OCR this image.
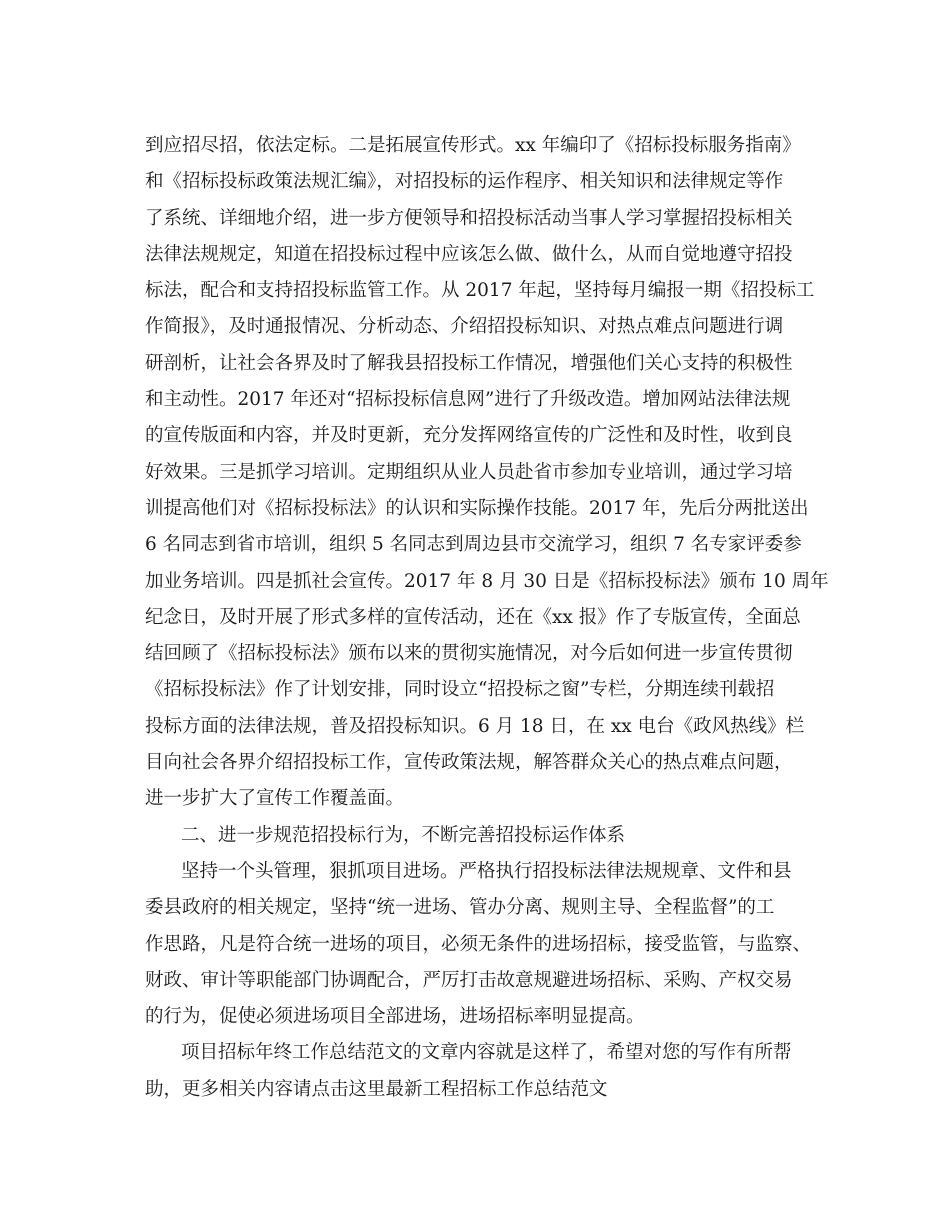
到应招尽招，依法定标。二是拓展宣传形式。xx 年编印了《招标投标服务指南》
和《招标投标政策法规汇编》，对招投标的运作程序、相关知识和法律规定等作
了系统、详细地介绍，进一步方便领导和招投标活动当事人学习掌握招投标相关
法律法规规定，知道在招投标过程中应该怎么做、做什么，从而自觉地遵守招投
标法，配合和支持招投标监管工作。从 2017 年起，坚持每月编报一期《招投标工
作简报》，及时通报情况、分析动态、介绍招投标知识、对热点难点问题进行调
研剖析，让社会各界及时了解我县招投标工作情况，增强他们关心支持的积极性
和主动性。2017 年还对“招标投标信息网”进行了升级改造。增加网站法律法规
的宣传版面和内容，并及时更新，充分发挥网络宣传的广泛性和及时性，收到良
好效果。三是抓学习培训。定期组织从业人员赴省市参加专业培训，通过学习培
训提高他们对《招标投标法》的认识和实际操作技能。2017 年，先后分两批送出
6 名同志到省市培训，组织 5 名同志到周边县市交流学习，组织 7 名专家评委参
加业务培训。四是抓社会宣传。2017 年 8 月 30 日是《招标投标法》颁布 10 周年
纪念日，及时开展了形式多样的宣传活动，还在《xx 报》作了专版宣传，全面总
结回顾了《招标投标法》颁布以来的贯彻实施情况，对今后如何进一步宣传贯彻
《招标投标法》作了计划安排，同时设立“招投标之窗”专栏，分期连续刊载招
投标方面的法律法规，普及招投标知识。6 月 18 日，在 xx 电台《政风热线》栏
目向社会各界介绍招投标工作，宣传政策法规，解答群众关心的热点难点问题，
进一步扩大了宣传工作覆盖面。
二、进一步规范招投标行为，不断完善招投标运作体系
坚持一个头管理，狠抓项目进场。严格执行招投标法律法规规章、文件和县
委县政府的相关规定，坚持“统一进场、管办分离、规则主导、全程监督”的工
作思路，凡是符合统一进场的项目，必须无条件的进场招标，接受监管，与监察、
财政、审计等职能部门协调配合，严厉打击故意规避进场招标、采购、产权交易
的行为，促使必须进场项目全部进场，进场招标率明显提高。
项目招标年终工作总结范文的文章内容就是这样了，希望对您的写作有所帮
助，更多相关内容请点击这里最新工程招标工作总结范文
